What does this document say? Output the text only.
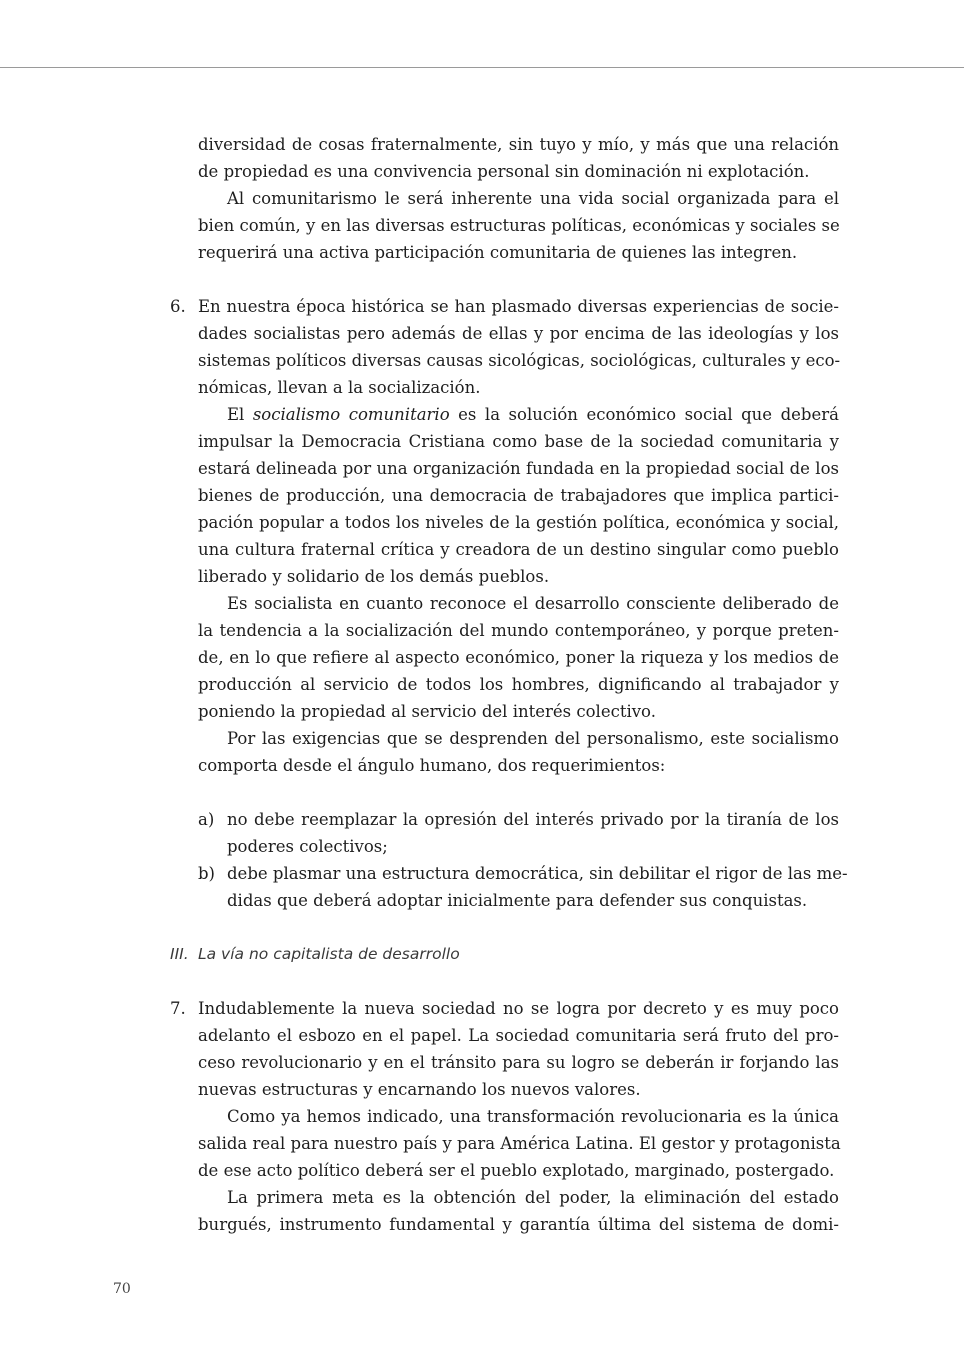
diversidad de cosas fraternalmente, sin tuyo y mío, y más que una relación
de propiedad es una convivencia personal sin dominación ni explotación.
Al comunitarismo le será inherente una vida social organizada para el
bien común, y en las diversas estructuras políticas, económicas y sociales se
requerirá una activa participación comunitaria de quienes las integren.
6. En nuestra época histórica se han plasmado diversas experiencias de socie-
dades socialistas pero además de ellas y por encima de las ideologías y los
sistemas políticos diversas causas sicológicas, sociológicas, culturales y eco-
nómicas, llevan a la socialización.
El socialismo comunitario es la solución económico social que deberá
impulsar la Democracia Cristiana como base de la sociedad comunitaria y
estará delineada por una organización fundada en la propiedad social de los
bienes de producción, una democracia de trabajadores que implica partici-
pación popular a todos los niveles de la gestión política, económica y social,
una cultura fraternal crítica y creadora de un destino singular como pueblo
liberado y solidario de los demás pueblos.
Es socialista en cuanto reconoce el desarrollo consciente deliberado de
la tendencia a la socialización del mundo contemporáneo, y porque preten-
de, en lo que refiere al aspecto económico, poner la riqueza y los medios de
producción al servicio de todos los hombres, dignificando al trabajador y
poniendo la propiedad al servicio del interés colectivo.
Por las exigencias que se desprenden del personalismo, este socialismo
comporta desde el ángulo humano, dos requerimientos:
a) no debe reemplazar la opresión del interés privado por la tiranía de los
poderes colectivos;
b) debe plasmar una estructura democrática, sin debilitar el rigor de las me-
didas que deberá adoptar inicialmente para defender sus conquistas.
III. La vía no capitalista de desarrollo
7. Indudablemente la nueva sociedad no se logra por decreto y es muy poco
adelanto el esbozo en el papel. La sociedad comunitaria será fruto del pro-
ceso revolucionario y en el tránsito para su logro se deberán ir forjando las
nuevas estructuras y encarnando los nuevos valores.
Como ya hemos indicado, una transformación revolucionaria es la única
salida real para nuestro país y para América Latina. El gestor y protagonista
de ese acto político deberá ser el pueblo explotado, marginado, postergado.
La primera meta es la obtención del poder, la eliminación del estado
burgués, instrumento fundamental y garantía última del sistema de domi-
70
